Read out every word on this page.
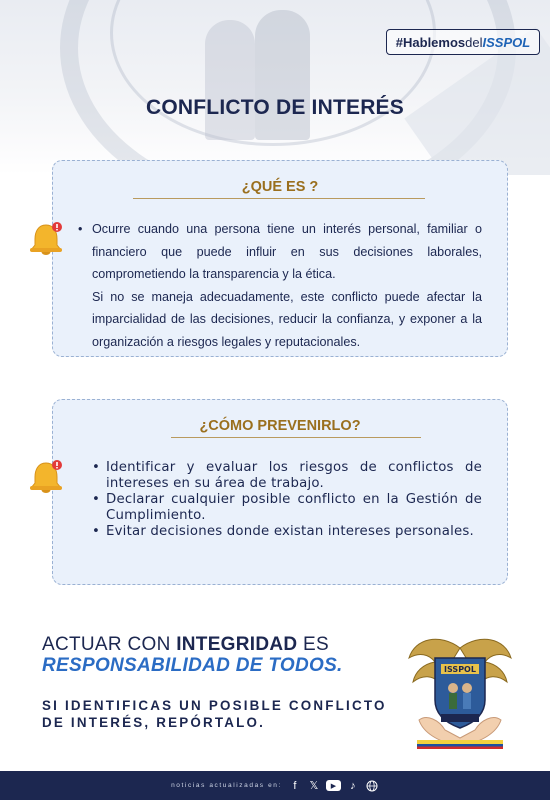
#Hablemos del ISSPOL
CONFLICTO DE INTERÉS
¿QUÉ ES ?
• Ocurre cuando una persona tiene un interés personal, familiar o financiero que puede influir en sus decisiones laborales, comprometiendo la transparencia y la ética.
Si no se maneja adecuadamente, este conflicto puede afectar la imparcialidad de las decisiones, reducir la confianza, y exponer a la organización a riesgos legales y reputacionales.
¿CÓMO PREVENIRLO?
• Identificar y evaluar los riesgos de conflictos de intereses en su área de trabajo.
• Declarar cualquier posible conflicto en la Gestión de Cumplimiento.
• Evitar decisiones donde existan intereses personales.
ACTUAR CON INTEGRIDAD ES
RESPONSABILIDAD DE TODOS.
SI IDENTIFICAS UN POSIBLE CONFLICTO DE INTERÉS, REPÓRTALO.
ISSPOL
noticias actualizadas en:	f	𝕏	▶	♪
